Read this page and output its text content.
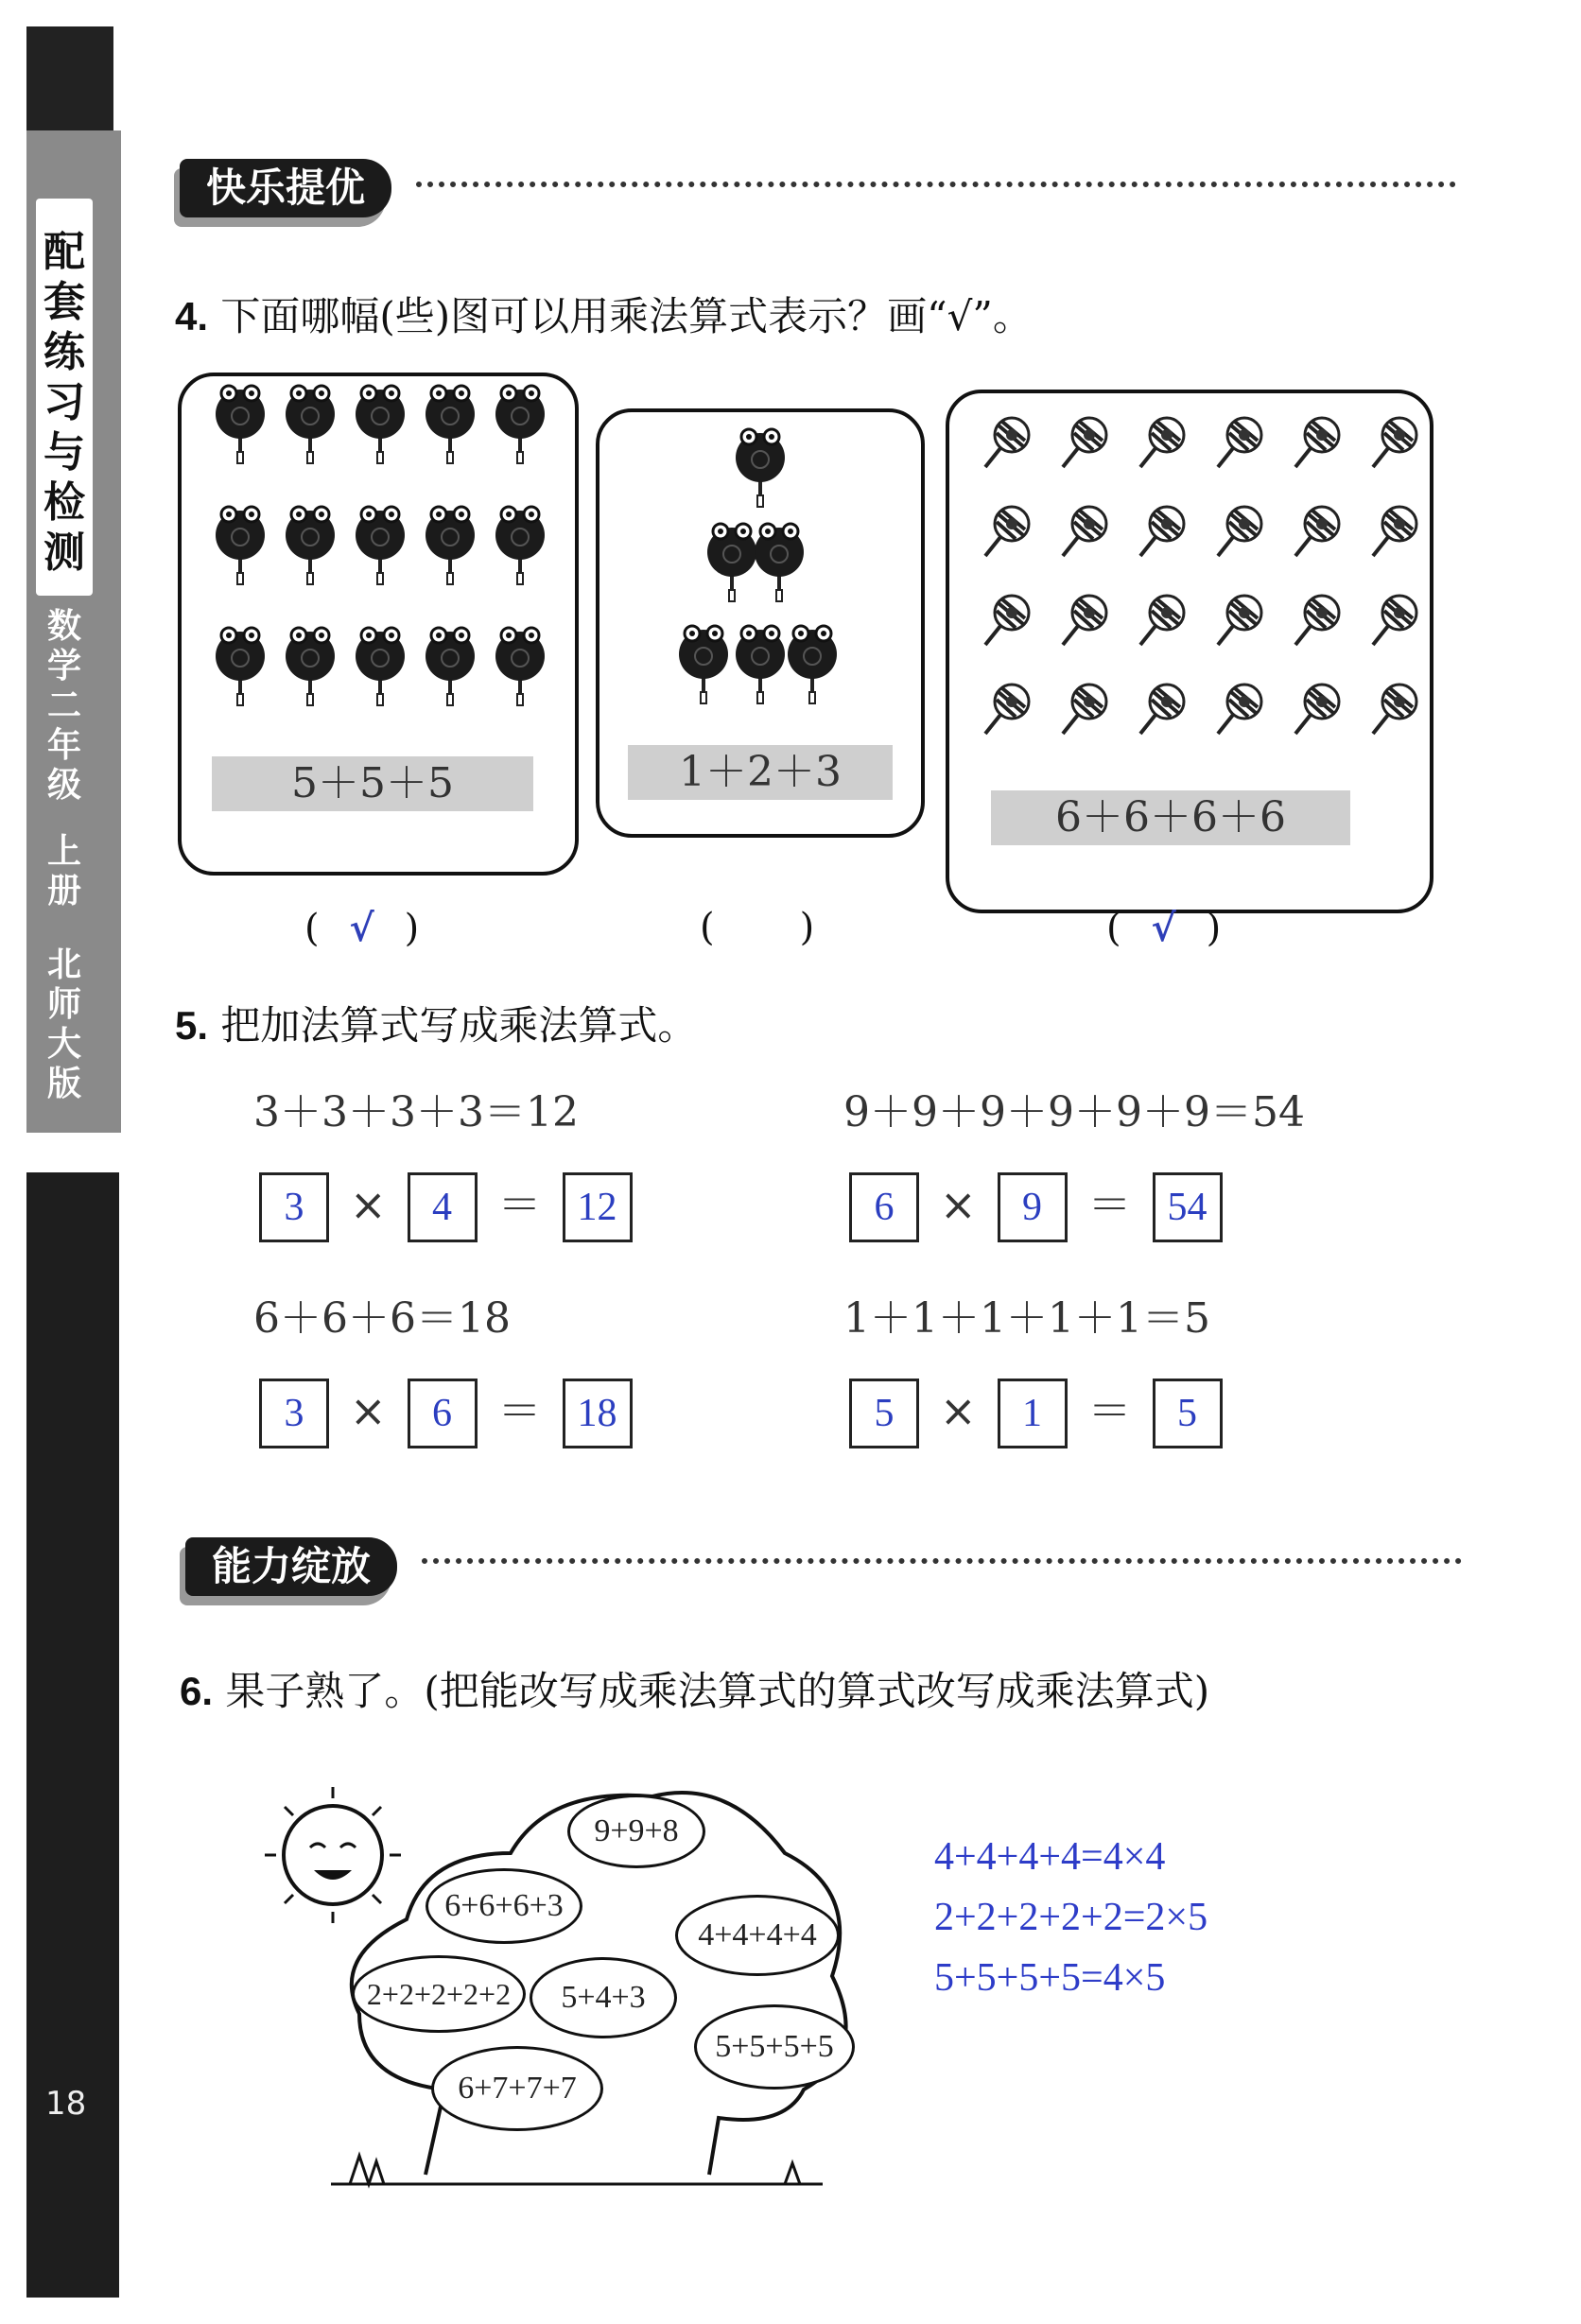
配
套
练
习
与
检
测
数
学
二
年
级
上
册
北
师
大
版
18
快乐提优
4. 下面哪幅(些)图可以用乘法算式表示？画“√”。
5＋5＋5	1＋2＋3
6＋6＋6＋6
( √ )	( )	( √ )
5. 把加法算式写成乘法算式。
3＋3＋3＋3＝12
3	×	4	＝ 12
9＋9＋9＋9＋9＋9＝54
6	×	9	＝ 54
6＋6＋6＝18
3	×	6	＝ 18
1＋1＋1＋1＋1＝5
5	×	1	＝	5
能力绽放
6. 果子熟了。(把能改写成乘法算式的算式改写成乘法算式)
9+9+8
6+6+6+3
4+4+4+4
2+2+2+2+2	5+4+3
5+5+5+5
6+7+7+7
4+4+4+4=4×4
2+2+2+2+2=2×5
5+5+5+5=4×5
